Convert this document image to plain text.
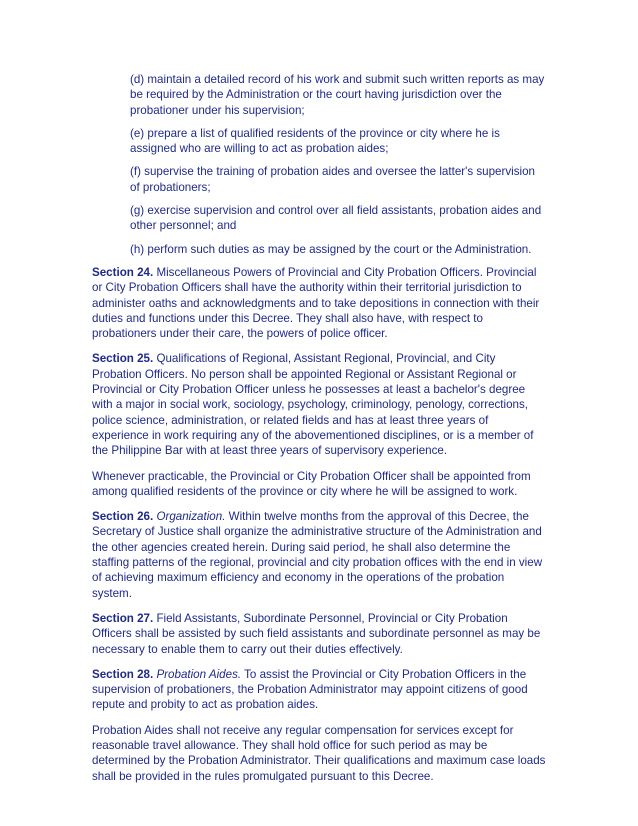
(d) maintain a detailed record of his work and submit such written reports as may be required by the Administration or the court having jurisdiction over the probationer under his supervision;

(e) prepare a list of qualified residents of the province or city where he is assigned who are willing to act as probation aides;

(f) supervise the training of probation aides and oversee the latter's supervision of probationers;

(g) exercise supervision and control over all field assistants, probation aides and other personnel; and

(h) perform such duties as may be assigned by the court or the Administration.

Section 24. Miscellaneous Powers of Provincial and City Probation Officers. Provincial or City Probation Officers shall have the authority within their territorial jurisdiction to administer oaths and acknowledgments and to take depositions in connection with their duties and functions under this Decree. They shall also have, with respect to probationers under their care, the powers of police officer.

Section 25. Qualifications of Regional, Assistant Regional, Provincial, and City Probation Officers. No person shall be appointed Regional or Assistant Regional or Provincial or City Probation Officer unless he possesses at least a bachelor's degree with a major in social work, sociology, psychology, criminology, penology, corrections, police science, administration, or related fields and has at least three years of experience in work requiring any of the abovementioned disciplines, or is a member of the Philippine Bar with at least three years of supervisory experience.

Whenever practicable, the Provincial or City Probation Officer shall be appointed from among qualified residents of the province or city where he will be assigned to work.

Section 26. Organization. Within twelve months from the approval of this Decree, the Secretary of Justice shall organize the administrative structure of the Administration and the other agencies created herein. During said period, he shall also determine the staffing patterns of the regional, provincial and city probation offices with the end in view of achieving maximum efficiency and economy in the operations of the probation system.

Section 27. Field Assistants, Subordinate Personnel, Provincial or City Probation Officers shall be assisted by such field assistants and subordinate personnel as may be necessary to enable them to carry out their duties effectively.

Section 28. Probation Aides. To assist the Provincial or City Probation Officers in the supervision of probationers, the Probation Administrator may appoint citizens of good repute and probity to act as probation aides.

Probation Aides shall not receive any regular compensation for services except for reasonable travel allowance. They shall hold office for such period as may be determined by the Probation Administrator. Their qualifications and maximum case loads shall be provided in the rules promulgated pursuant to this Decree.
